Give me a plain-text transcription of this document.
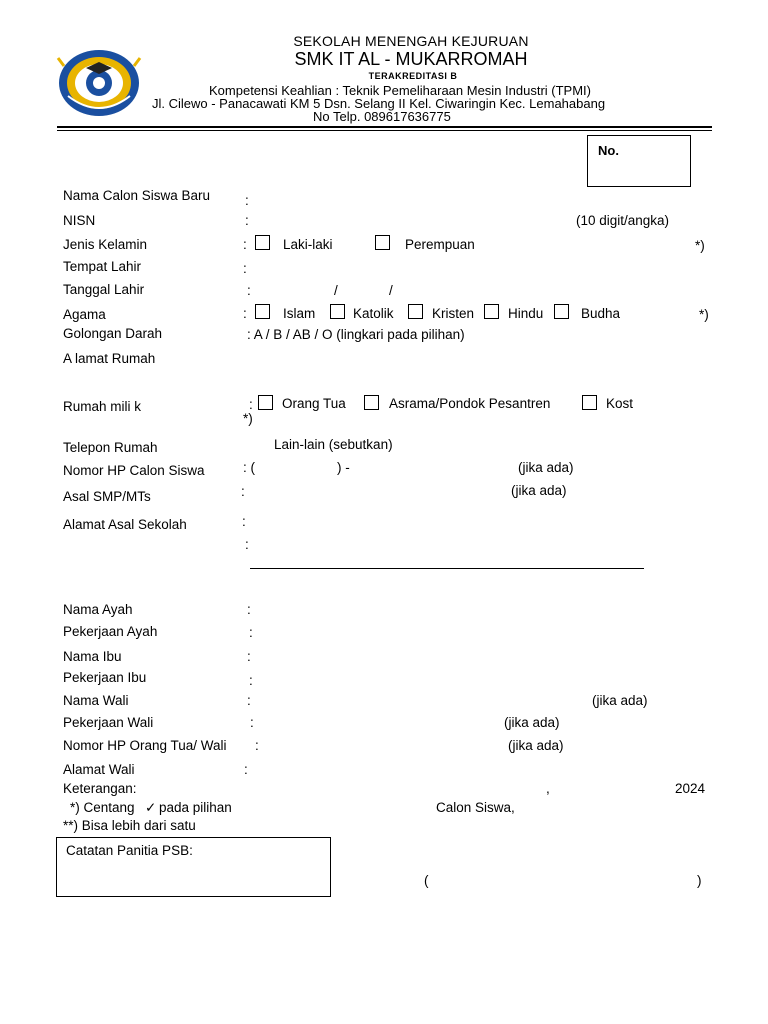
SEKOLAH MENENGAH KEJURUAN
SMK IT AL - MUKARROMAH
TERAKREDITASI B
Kompetensi Keahlian : Teknik Pemeliharaan Mesin Industri (TPMI)
Jl. Cilewo - Panacawati KM 5 Dsn. Selang II Kel. Ciwaringin Kec. Lemahabang
No Telp. 089617636775
No.
Nama Calon Siswa Baru	:
NISN	:	(10 digit/angka)
Jenis Kelamin	:	Laki-laki	Perempuan	*)
Tempat Lahir	:
Tanggal Lahir	:	/	/
Agama	:	Islam	Katolik	Kristen	Hindu	Budha	*)
Golongan Darah	: A / B / AB / O (lingkari pada pilihan)
A lamat Rumah
Rumah mili k	: Orang Tua	Asrama/Pondok Pesantren	Kost
*)
Lain-lain (sebutkan)
Telepon Rumah
Nomor HP Calon Siswa	: (	) -	(jika ada)
Asal SMP/MTs	:	(jika ada)
Alamat Asal Sekolah	:
:
Nama Ayah	:
Pekerjaan Ayah	:
Nama Ibu	:
Pekerjaan Ibu	:
Nama Wali	:	(jika ada)
Pekerjaan Wali	:	(jika ada)
Nomor HP Orang Tua/ Wali :	(jika ada)
Alamat Wali	:
Keterangan:	,	2024
*) Centang ✓ pada pilihan	Calon Siswa,
**) Bisa lebih dari satu
Catatan Panitia PSB:
(	)
